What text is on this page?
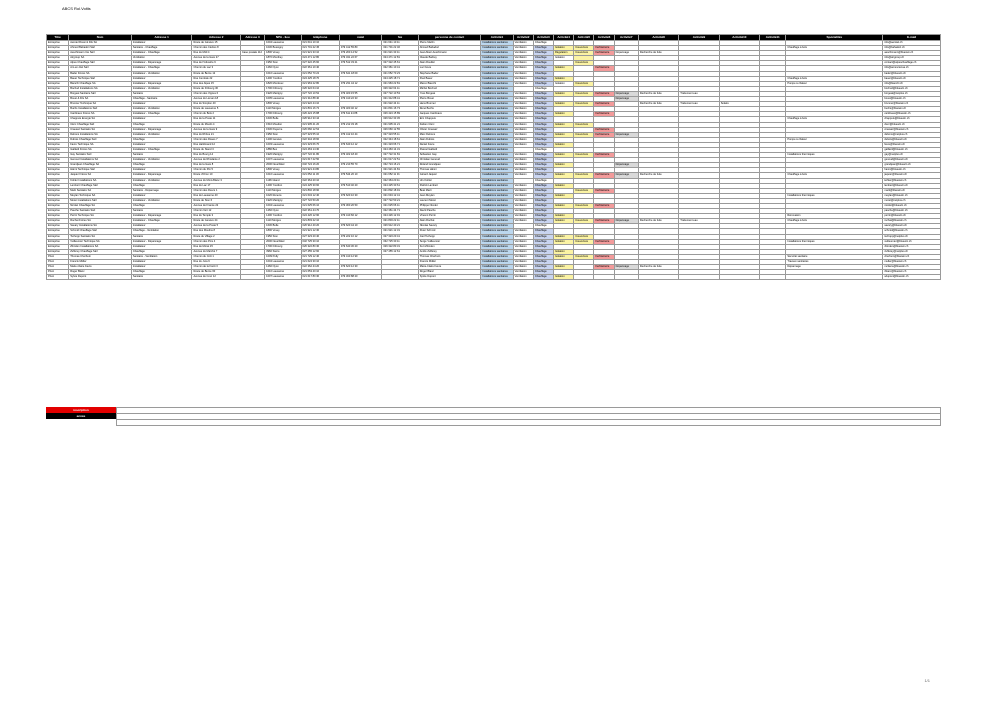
ABCS Rol.Voltis
Titre	Nom	Adresse 1	Adresse 2	Adresse 3	NPA - lieu	téléphone	natel	fax	personne de contact	Activité1	Activité2	Activité3	Activité4	Activité5	Activité6	Activité7	Activité8	Activité9	Activité10	Activité11	Spécialités	E-mail
Entreprise	Aerotel Rossi & Fils SA	Installateur	Route de Génève 15		1004 Lausanne	021 641 10 10		021 641 10 11	Pierre Marlin	Installations sanitaires	Ventilation	Chauffage										info@aerotel.ch
Entreprise	Ahmed Bahadori Sàrl	Sanitaire - Chauffage	Chemin des Cèdres 8		1030 Bussigny	021 701 22 45	079 412 55 80	021 701 22 46	Ahmed Bahadori	Installations sanitaires	Ventilation	Chauffage	Isolation	Couverture	Ferblanterie						Chauffage à bois	info@bahadori.ch
Entreprise	Aeschimann Cie Sàrl	Installateur - Chauffage	Rue du Midi 4	Case postale 112	1800 Vevey	021 921 33 10	079 200 14 52	021 921 33 11	Jean-Marc Aeschimann	Installations sanitaires	Ventilation	Chauffage	Régulation	Couverture	Ferblanterie	Dépannage	Recherche de fuite					aeschimann@bluewin.ch
Entreprise	Airgroup SA	Ventilation	Avenue de la Gare 27		1870 Monthey	024 471 12 80	079 341 22 67	024 471 12 81	Claude Barbey	Installations sanitaires	Ventilation	Chauffage	Isolation									info@airgroup.ch
Entreprise	Alpes Chauffage Sàrl	Installateur - Dépannage	Rue de l'Industrie 9		1950 Sion	027 322 45 60	079 512 33 21	027 322 45 61	Alain Rouiller	Installations sanitaires	Ventilation	Chauffage		Couverture								contact@alpeschauffage.ch
Entreprise	Arc-en-Ciel Sàrl	Installateur - Chauffage	Chemin du Lac 3		1260 Nyon	022 361 10 40		022 361 10 41	Luc Favre	Installations sanitaires	Ventilation	Chauffage	Isolation		Ferblanterie							info@arcenciel-sa.ch
Entreprise	Bader Frères SA	Installateur - Ventilation	Route de Berne 12		1010 Lausanne	021 652 70 22	079 641 18 09	021 652 70 23	Stéphane Bader	Installations sanitaires	Ventilation	Chauffage										bader@bluewin.ch
Entreprise	Bauer Technique Sàrl	Installateur	Rue Centrale 22		1400 Yverdon	024 425 18 70		024 425 18 71	Paul Bauer	Installations sanitaires	Ventilation	Chauffage	Isolation								Chauffage à bois	bauer@bluewin.ch
Entreprise	Bianchi Chauffage SA	Installateur - Dépannage	Rue des Alpes 15		1820 Montreux	021 963 22 80	079 231 44 12	021 963 22 81	Marco Bianchi	Installations sanitaires	Ventilation	Chauffage	Isolation	Couverture							Pompe à chaleur	info@bianchi.ch
Entreprise	Bochud Installations SA	Installateur - Ventilation	Route de Fribourg 30		1700 Fribourg	026 322 64 10		026 322 64 11	Michel Bochud	Installations sanitaires		Chauffage										bochud@bluewin.ch
Entreprise	Borgeat Sanitaire Sàrl	Sanitaire	Chemin des Vignes 6		1920 Martigny	027 722 10 52	079 320 15 55	027 722 10 53	Yves Borgeat	Installations sanitaires	Ventilation	Chauffage	Isolation	Couverture	Ferblanterie	Dépannage	Recherche de fuite	Traitement eau				borgeat@netplus.ch
Entreprise	Bovet & Fils SA	Chauffage - Sanitaire	Avenue du Léman 18		1005 Lausanne	021 312 88 40	079 410 22 33	021 312 88 41	Pierre Bovet	Installations sanitaires	Ventilation	Chauffage				Dépannage						bovet@bluewin.ch
Entreprise	Brunner Technique SA	Installateur	Rue du Simplon 40		1800 Vevey	021 922 44 10		021 922 44 11	Hans Brunner	Installations sanitaires	Ventilation	Chauffage	Isolation	Couverture	Ferblanterie		Recherche de fuite	Traitement eau	Solaire			brunner@bluewin.ch
Entreprise	Buchs Installations Sàrl	Installateur - Ventilation	Route de Lausanne 5		1110 Morges	021 801 16 72	079 320 40 12	021 801 16 73	René Buchs	Installations sanitaires	Ventilation	Chauffage										buchs@bluewin.ch
Entreprise	Cardinaux Frères SA	Installateur - Chauffage	Chemin du Bois 2		1700 Fribourg	026 424 15 88	079 611 24 88	026 424 15 89	Jacques Cardinaux	Installations sanitaires	Ventilation	Chauffage	Isolation		Ferblanterie							cardinaux@bluewin.ch
Entreprise	Chappuis Energie SA	Installateur	Rue de la Poste 11		1630 Bulle	026 912 33 44		026 912 33 45	Eric Chappuis	Installations sanitaires	Ventilation	Chauffage									Chauffage à bois	chappuis@bluewin.ch
Entreprise	Clerc Chauffage Sàrl	Chauffage	Route du Moulin 4		1510 Moudon	021 905 41 20	079 212 33 18	021 905 41 21	Fabien Clerc	Installations sanitaires	Ventilation	Chauffage	Isolation	Couverture								clerc@bluewin.ch
Entreprise	Crausaz Sanitaire SA	Installateur - Dépannage	Avenue de la Gare 9		1530 Payerne	026 660 12 54		026 660 12 55	Olivier Crausaz	Installations sanitaires	Ventilation	Chauffage			Ferblanterie							crausaz@bluewin.ch
Entreprise	Debons Installations SA	Installateur - Ventilation	Rue du Rhône 21		1950 Sion	027 323 55 10	079 412 10 44	027 323 55 11	Marc Debons	Installations sanitaires	Ventilation	Chauffage	Isolation	Couverture	Ferblanterie	Dépannage						debons@netplus.ch
Entreprise	Dubois Chauffage Sàrl	Chauffage	Chemin des Roses 7		1200 Genève	022 344 18 60		022 344 18 61	Alain Dubois	Installations sanitaires	Ventilation	Chauffage									Pompe à chaleur	dubois@bluewin.ch
Entreprise	Favre Technique SA	Installateur	Rue Haldimand 12		1003 Lausanne	021 323 66 70	079 640 12 12	021 323 66 71	Daniel Favre	Installations sanitaires	Ventilation	Chauffage	Isolation									favre@bluewin.ch
Entreprise	Gaillard Frères SA	Installateur - Chauffage	Route du Stand 3		1880 Bex	024 463 14 30		024 463 14 31	Pascal Gaillard	Installations sanitaires		Chauffage										gaillard@bluewin.ch
Entreprise	Gay Sanitaire Sàrl	Sanitaire	Rue du Bourg 14		1920 Martigny	027 722 31 80	079 322 18 40	027 722 31 81	Sébastien Gay	Installations sanitaires	Ventilation	Chauffage	Isolation	Couverture	Ferblanterie						Installations thermiques	gay@netplus.ch
Entreprise	Genoud Installations SA	Installateur - Ventilation	Avenue de Rhodanie 2		1007 Lausanne	021 617 22 50		021 617 22 51	Christian Genoud	Installations sanitaires	Ventilation	Chauffage										genoud@bluewin.ch
Entreprise	Grandjean Chauffage SA	Chauffage	Rue de la Gare 8		2000 Neuchâtel	032 724 16 20	079 210 55 70	032 724 16 21	Roland Grandjean	Installations sanitaires	Ventilation	Chauffage	Isolation			Dépannage						grandjean@bluewin.ch
Entreprise	Hänni Technique Sàrl	Installateur	Chemin du Pré 5		1800 Vevey	021 921 44 80		021 921 44 81	Thomas Hänni	Installations sanitaires	Ventilation	Chauffage										hanni@bluewin.ch
Entreprise	Jaquier Frères SA	Installateur - Dépannage	Route d'Oron 10		1010 Lausanne	021 652 11 30	079 544 20 10	021 652 11 31	Gérard Jaquier	Installations sanitaires	Ventilation	Chauffage	Isolation	Couverture	Ferblanterie	Dépannage	Recherche de fuite				Chauffage à bois	jaquier@bluewin.ch
Entreprise	Kohler Installations SA	Installateur - Ventilation	Avenue du Mont-Blanc 3		1196 Gland	022 364 20 10		022 364 20 11	Urs Kohler	Installations sanitaires		Chauffage										kohler@bluewin.ch
Entreprise	Lambert Chauffage Sàrl	Chauffage	Rue du Lac 17		1400 Yverdon	024 425 30 60	079 510 40 20	024 425 30 61	Patrick Lambert	Installations sanitaires	Ventilation	Chauffage	Isolation									lambert@bluewin.ch
Entreprise	Marti Sanitaire SA	Sanitaire - Dépannage	Chemin des Fleurs 1		1110 Morges	021 802 18 90		021 802 18 91	Beat Marti	Installations sanitaires	Ventilation	Chauffage		Couverture	Ferblanterie							marti@bluewin.ch
Entreprise	Meylan Technique SA	Installateur	Rue de Lausanne 40		1020 Renens	021 634 12 40	079 620 10 30	021 634 12 41	Jean Meylan	Installations sanitaires	Ventilation	Chauffage	Isolation								Installations thermiques	meylan@bluewin.ch
Entreprise	Moret Installations Sàrl	Installateur - Ventilation	Route de Sion 6		1920 Martigny	027 722 50 20		027 722 50 21	Laurent Moret	Installations sanitaires	Ventilation	Chauffage										moret@netplus.ch
Entreprise	Nicolet Chauffage SA	Chauffage	Avenue de France 22		1004 Lausanne	021 625 66 10	079 300 20 50	021 625 66 11	Philippe Nicolet	Installations sanitaires	Ventilation	Chauffage	Isolation	Couverture	Ferblanterie							nicolet@bluewin.ch
Entreprise	Pasche Sanitaire Sàrl	Sanitaire	Chemin Vert 12		1260 Nyon	022 361 44 70		022 361 44 71	David Pasche	Installations sanitaires	Ventilation	Chauffage										pasche@bluewin.ch
Entreprise	Perrin Technique SA	Installateur - Dépannage	Rue du Temple 3		1400 Yverdon	024 426 12 90	079 410 66 12	024 426 12 91	Vincent Perrin	Installations sanitaires	Ventilation	Chauffage	Isolation								Rénovation	perrin@bluewin.ch
Entreprise	Rochat Frères SA	Installateur - Chauffage	Route de Genève 44		1110 Morges	021 803 22 10		021 803 22 11	Alain Rochat	Installations sanitaires	Ventilation	Chauffage	Isolation	Couverture	Ferblanterie	Dépannage	Recherche de fuite	Traitement eau			Chauffage à bois	rochat@bluewin.ch
Entreprise	Savary Installations SA	Installateur	Avenue de la Poste 5		1630 Bulle	026 912 40 20	079 620 44 10	026 912 40 21	Nicolas Savary	Installations sanitaires		Chauffage										savary@bluewin.ch
Entreprise	Schmid Chauffage Sàrl	Chauffage - Ventilation	Rue des Moulins 8		1800 Vevey	021 921 12 30		021 921 12 31	Peter Schmid	Installations sanitaires	Ventilation	Chauffage										schmid@bluewin.ch
Entreprise	Tschopp Sanitaire SA	Sanitaire	Route du Village 2		1950 Sion	027 323 20 40	079 222 10 12	027 323 20 41	Joël Tschopp	Installations sanitaires	Ventilation	Chauffage	Isolation	Couverture								tschopp@netplus.ch
Entreprise	Vuilleumier Technique SA	Installateur - Dépannage	Chemin des Pins 4		2000 Neuchâtel	032 725 30 10		032 725 30 11	Serge Vuilleumier	Installations sanitaires	Ventilation	Chauffage	Isolation	Couverture	Ferblanterie						Installations thermiques	vuilleumier@bluewin.ch
Entreprise	Zbinden Installations SA	Installateur	Rue de Morat 15		1700 Fribourg	026 322 80 30	079 640 30 20	026 322 80 31	Kurt Zbinden	Installations sanitaires	Ventilation	Chauffage										zbinden@bluewin.ch
Entreprise	Zufferey Chauffage Sàrl	Chauffage	Avenue du Marché 7		3960 Sierre	027 455 12 60		027 455 12 61	André Zufferey	Installations sanitaires	Ventilation	Chauffage	Isolation									zufferey@netplus.ch
Privé	Thomas Cherbuin	Sanitaire - Ventilation	Chemin du Crêt 1		1009 Pully	021 729 12 40	079 410 12 99		Thomas Cherbuin	Installations sanitaires	Ventilation	Chauffage	Isolation	Couverture	Ferblanterie						Sécurité sanitaire	cherbuin@bluewin.ch
Privé	Francis Müller	Installateur	Rue du Jura 9		1004 Lausanne	021 624 30 10			Francis Müller	Installations sanitaires	Ventilation	Chauffage									Travaux sanitaires	muller@bluewin.ch
Privé	Marie-Claire Favre	Installateur	Chemin de la Forêt 3		1260 Nyon	022 362 44 20	079 620 12 30		Marie-Claire Favre	Installations sanitaires	Ventilation	Chauffage	Isolation		Ferblanterie	Dépannage	Recherche de fuite				Dépannage	mcfavre@bluewin.ch
Privé	Roger Blanc	Chauffage	Route de Berne 60		1010 Lausanne	021 653 40 10			Roger Blanc	Installations sanitaires	Ventilation	Chauffage										rblanc@bluewin.ch
Privé	Sylvie Dupont	Sanitaire	Avenue de Cour 12		1007 Lausanne	021 617 80 30	079 300 88 20		Sylvie Dupont	Installations sanitaires	Ventilation	Chauffage	Isolation									sdupont@bluewin.ch
inscription
année

1/1
